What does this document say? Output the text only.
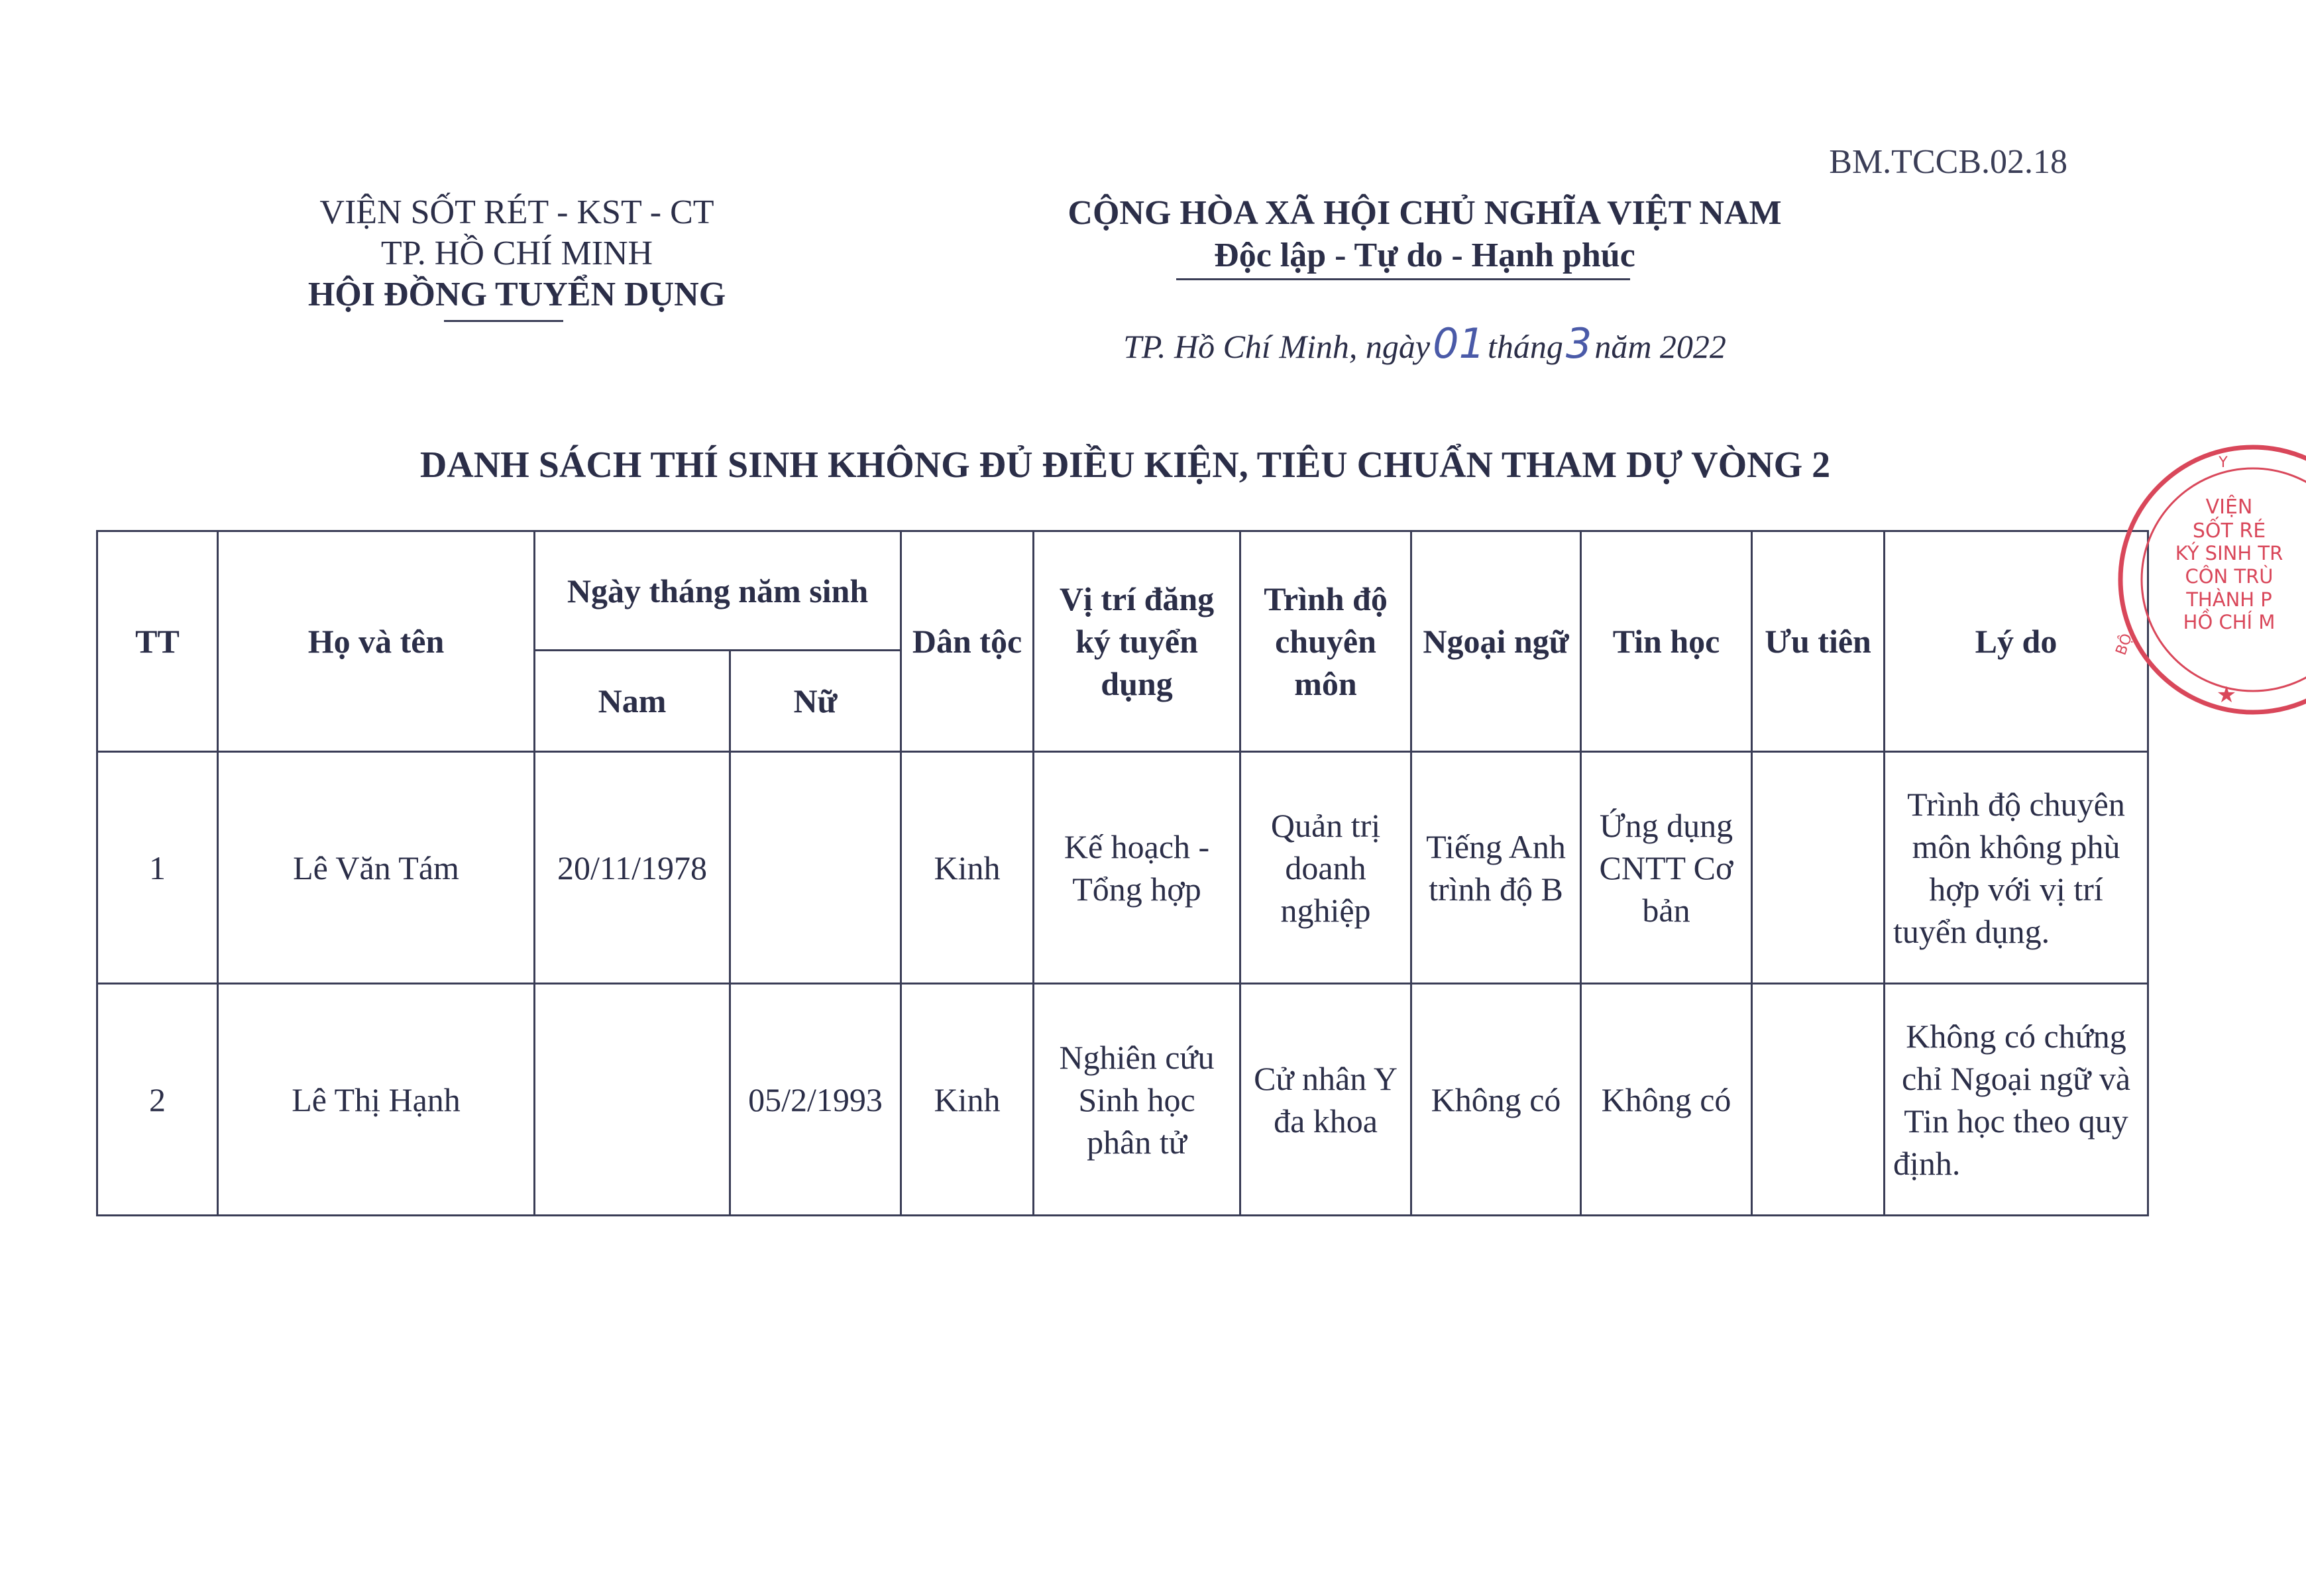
BM.TCCB.02.18
VIỆN SỐT RÉT - KST - CT
TP. HỒ CHÍ MINH
HỘI ĐỒNG TUYỂN DỤNG
CỘNG HÒA XÃ HỘI CHỦ NGHĨA VIỆT NAM
Độc lập - Tự do - Hạnh phúc
TP. Hồ Chí Minh, ngày01tháng3năm 2022
DANH SÁCH THÍ SINH KHÔNG ĐỦ ĐIỀU KIỆN, TIÊU CHUẨN THAM DỰ VÒNG 2
TT	Họ và tên	Ngày tháng năm sinh		Dân tộc	Vị trí đăng ký tuyển dụng	Trình độ chuyên môn	Ngoại ngữ	Tin học	Ưu tiên	Lý do
		Nam	Nữ							
1	Lê Văn Tám	20/11/1978		Kinh	Kế hoạch - Tổng hợp	Quản trị doanh nghiệp	Tiếng Anh trình độ B	Ứng dụng CNTT Cơ bản		Trình độ chuyên môn không phù hợp với vị trí tuyển dụng.
2	Lê Thị Hạnh		05/2/1993	Kinh	Nghiên cứu Sinh học phân tử	Cử nhân Y đa khoa	Không có	Không có		Không có chứng chỉ Ngoại ngữ và Tin học theo quy định.
VIỆN
SỐT RÉ
KÝ SINH TR
CÔN TRÙ
THÀNH P
HỒ CHÍ M
★
Y
BỘ
